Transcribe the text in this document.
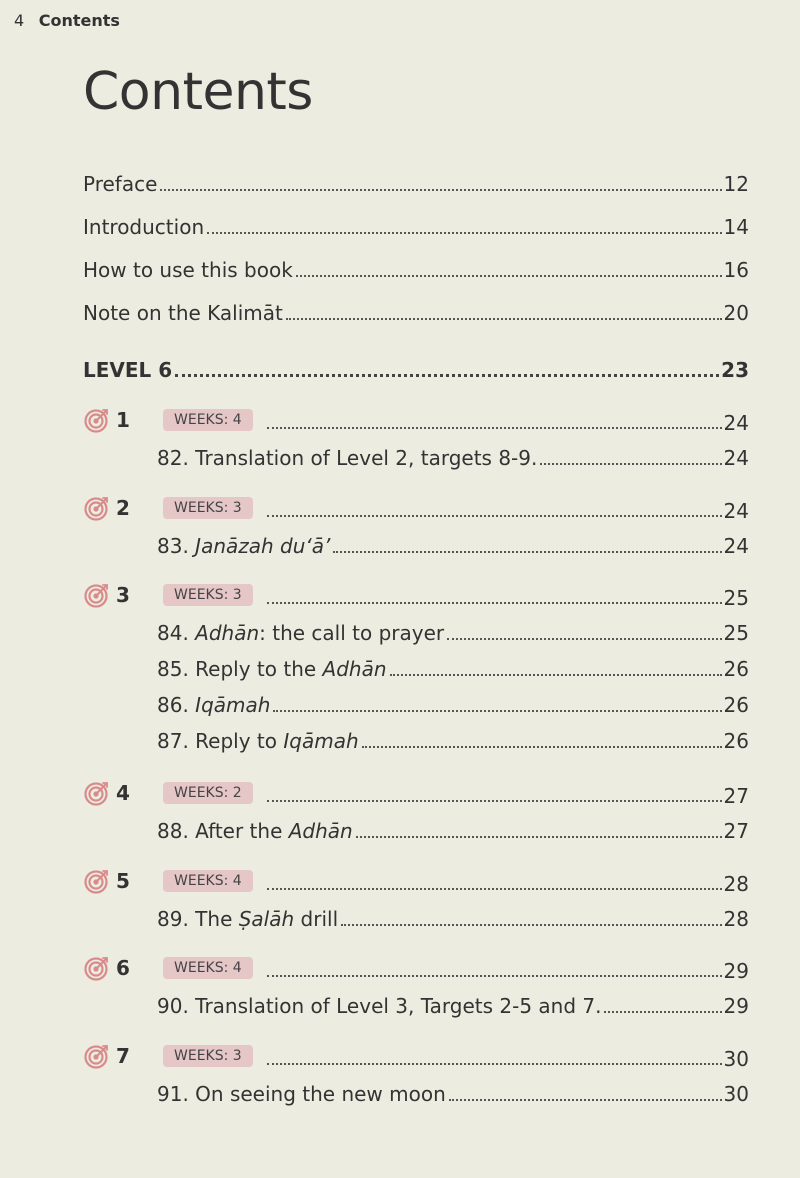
4 Contents
Contents
Preface	12
Introduction	14
How to use this book	16
Note on the Kalimāt	20
LEVEL 6	23
1	WEEKS: 4	24
82. Translation of Level 2, targets 8-9.	24
2	WEEKS: 3	24
83. Janāzah du‘ā’	24
3	WEEKS: 3	25
84. Adhān: the call to prayer	25
85. Reply to the Adhān	26
86. Iqāmah	26
87. Reply to Iqāmah	26
4	WEEKS: 2	27
88. After the Adhān	27
5	WEEKS: 4	28
89. The Ṣalāh drill	28
6	WEEKS: 4	29
90. Translation of Level 3, Targets 2-5 and 7.	29
7	WEEKS: 3	30
91. On seeing the new moon	30
